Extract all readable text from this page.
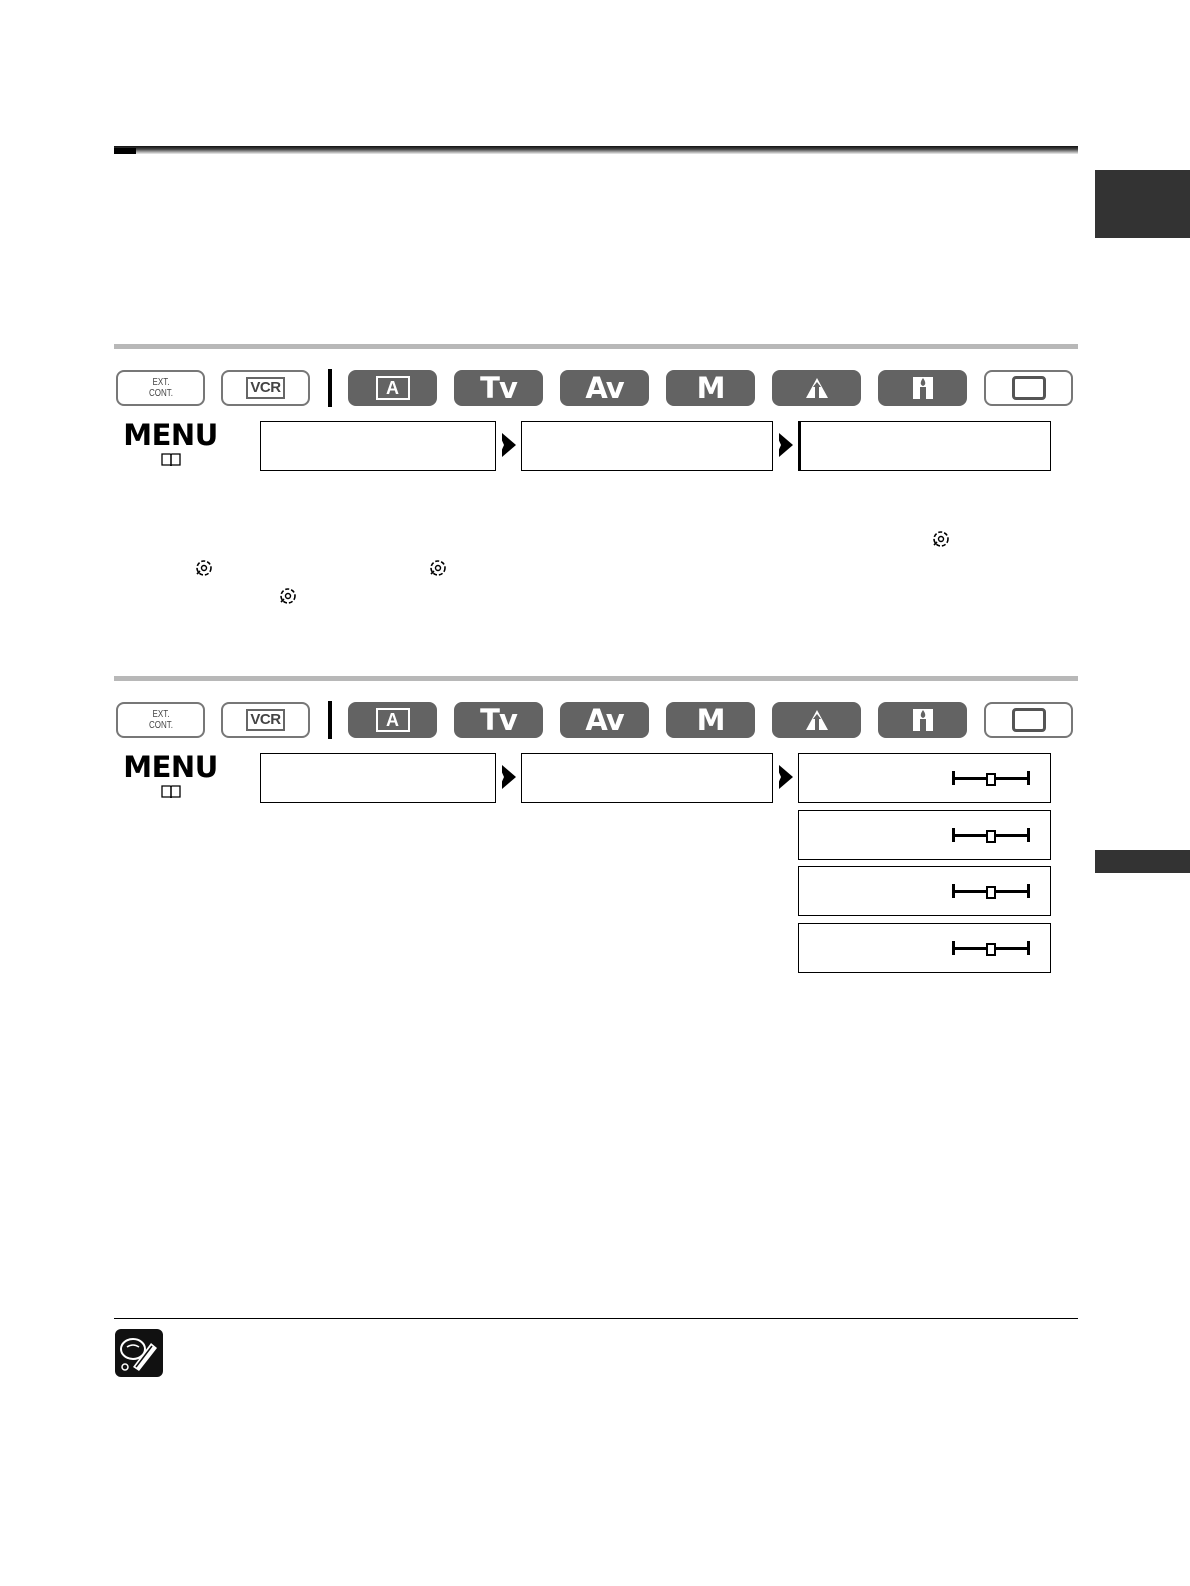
EXT.
CONT.	VCR	A	Tv Av	M
MENU
EXT.
CONT.	VCR	A	Tv Av	M
MENU
